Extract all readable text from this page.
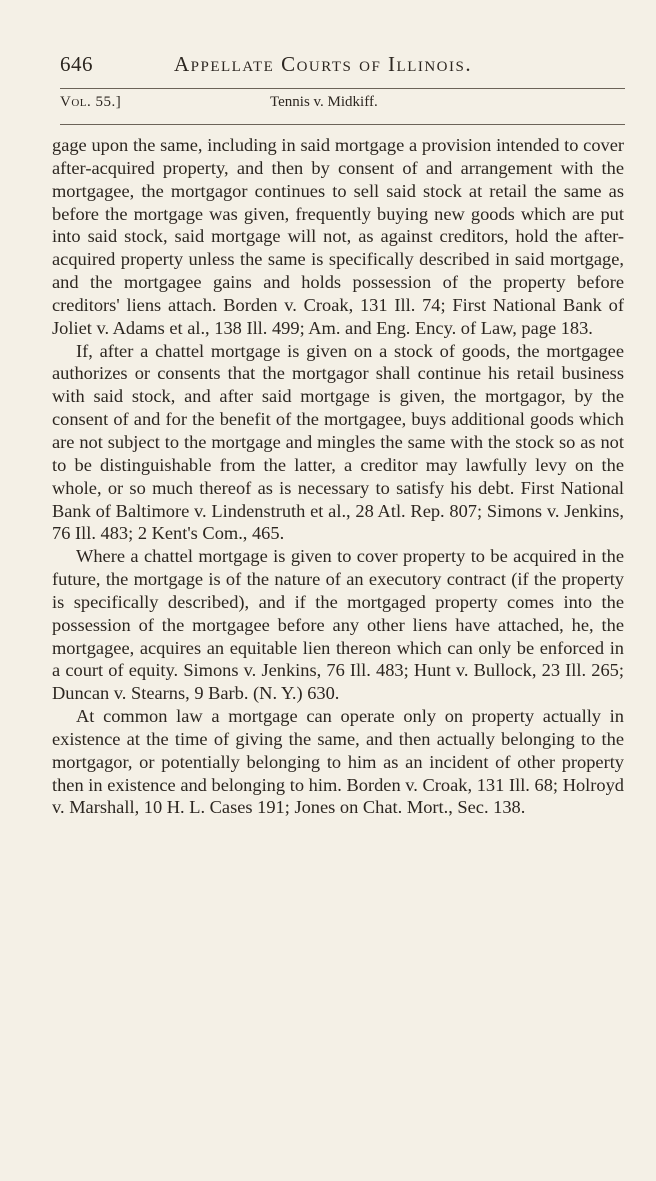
646	Appellate Courts of Illinois.
Vol. 55.]	Tennis v. Midkiff.

gage upon the same, including in said mortgage a provision intended to cover after-acquired property, and then by consent of and arrangement with the mortgagee, the mortgagor continues to sell said stock at retail the same as before the mortgage was given, frequently buying new goods which are put into said stock, said mortgage will not, as against creditors, hold the after-acquired property unless the same is specifically described in said mortgage, and the mortgagee gains and holds possession of the property before creditors' liens attach. Borden v. Croak, 131 Ill. 74; First National Bank of Joliet v. Adams et al., 138 Ill. 499; Am. and Eng. Ency. of Law, page 183.

If, after a chattel mortgage is given on a stock of goods, the mortgagee authorizes or consents that the mortgagor shall continue his retail business with said stock, and after said mortgage is given, the mortgagor, by the consent of and for the benefit of the mortgagee, buys additional goods which are not subject to the mortgage and mingles the same with the stock so as not to be distinguishable from the latter, a creditor may lawfully levy on the whole, or so much thereof as is necessary to satisfy his debt. First National Bank of Baltimore v. Lindenstruth et al., 28 Atl. Rep. 807; Simons v. Jenkins, 76 Ill. 483; 2 Kent's Com., 465.

Where a chattel mortgage is given to cover property to be acquired in the future, the mortgage is of the nature of an executory contract (if the property is specifically described), and if the mortgaged property comes into the possession of the mortgagee before any other liens have attached, he, the mortgagee, acquires an equitable lien thereon which can only be enforced in a court of equity. Simons v. Jenkins, 76 Ill. 483; Hunt v. Bullock, 23 Ill. 265; Duncan v. Stearns, 9 Barb. (N. Y.) 630.

At common law a mortgage can operate only on property actually in existence at the time of giving the same, and then actually belonging to the mortgagor, or potentially belonging to him as an incident of other property then in existence and belonging to him. Borden v. Croak, 131 Ill. 68; Holroyd v. Marshall, 10 H. L. Cases 191; Jones on Chat. Mort., Sec. 138.
